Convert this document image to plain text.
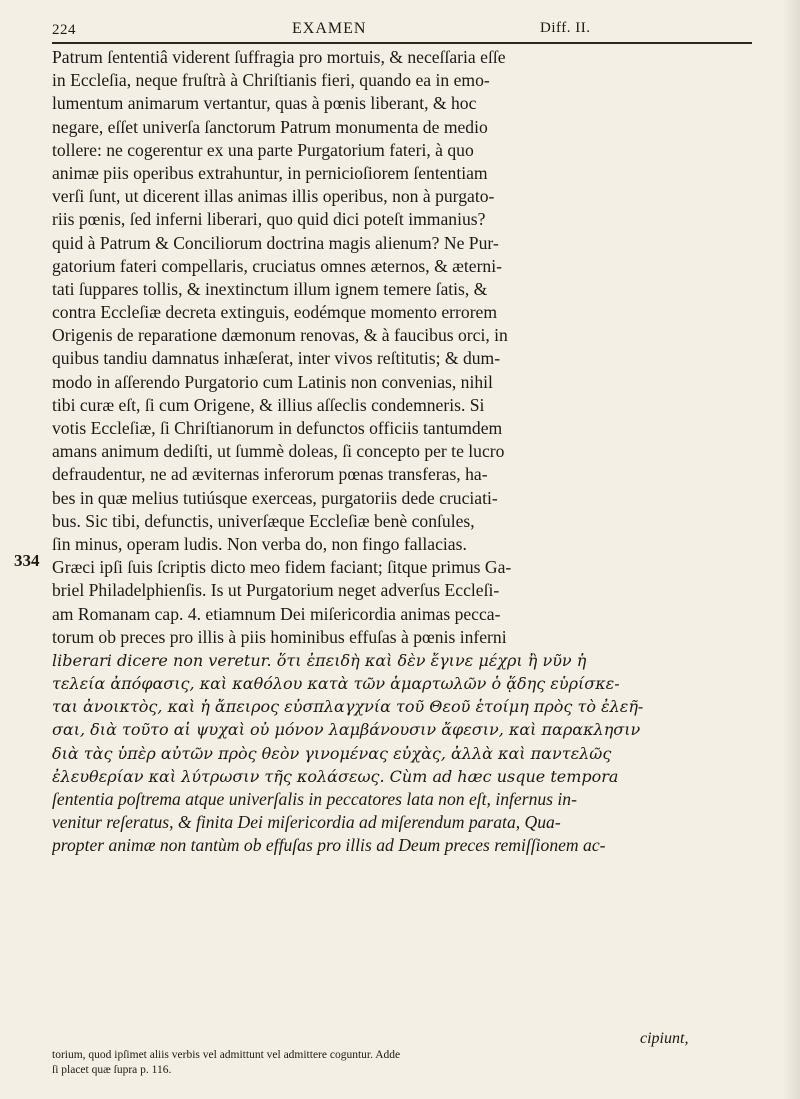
224	EXAMEN	Diff. II.
334
Patrum ſententiâ viderent ſuffragia pro mortuis, & neceſſaria eſſe
in Eccleſia, neque fruſtrà à Chriſtianis fieri, quando ea in emo-
lumentum animarum vertantur, quas à pœnis liberant, & hoc
negare, eſſet univerſa ſanctorum Patrum monumenta de medio
tollere: ne cogerentur ex una parte Purgatorium fateri, à quo
animæ piis operibus extrahuntur, in pernicioſiorem ſententiam
verſi ſunt, ut dicerent illas animas illis operibus, non à purgato-
riis pœnis, ſed inferni liberari, quo quid dici poteſt immanius?
quid à Patrum & Conciliorum doctrina magis alienum? Ne Pur-
gatorium fateri compellaris, cruciatus omnes æternos, & æterni-
tati ſuppares tollis, & inextinctum illum ignem temere ſatis, &
contra Eccleſiæ decreta extinguis, eodémque momento errorem
Origenis de reparatione dæmonum renovas, & à faucibus orci, in
quibus tandiu damnatus inhæſerat, inter vivos reſtitutis; & dum-
modo in aſſerendo Purgatorio cum Latinis non convenias, nihil
tibi curæ eſt, ſi cum Origene, & illius aſſeclis condemneris. Si
votis Eccleſiæ, ſi Chriſtianorum in defunctos officiis tantumdem
amans animum dediſti, ut ſummè doleas, ſi concepto per te lucro
defraudentur, ne ad æviternas inferorum pœnas transferas, ha-
bes in quæ melius tutiúsque exerceas, purgatoriis dede cruciati-
bus. Sic tibi, defunctis, univerſæque Eccleſiæ benè conſules,
ſin minus, operam ludis. Non verba do, non fingo fallacias.
Græci ipſi ſuis ſcriptis dicto meo fidem faciant; ſitque primus Ga-
briel Philadelphienſis. Is ut Purgatorium neget adverſus Eccleſi-
am Romanam cap. 4. etiamnum Dei miſericordia animas pecca-
torum ob preces pro illis à piis hominibus effuſas à pœnis inferni
liberari dicere non veretur. ὅτι ἐπειδὴ καὶ δὲν ἔγινε μέχρι ἢ νῦν ἡ
τελεία ἀπόφασις, καὶ καθόλου κατὰ τῶν ἁμαρτωλῶν ὁ ᾅδης εὑρίσκε-
ται ἀνοικτὸς, καὶ ἡ ἄπειρος εὐσπλαγχνία τοῦ Θεοῦ ἑτοίμη πρὸς τὸ ἐλεῆ-
σαι, διὰ τοῦτο αἱ ψυχαὶ οὐ μόνον λαμβάνουσιν ἄφεσιν, καὶ παρακλησιν
διὰ τὰς ὑπὲρ αὐτῶν πρὸς θεὸν γινομένας εὐχὰς, ἀλλὰ καὶ παντελῶς
ἐλευθερίαν καὶ λύτρωσιν τῆς κολάσεως. Cùm ad hæc usque tempora
ſententia poſtrema atque univerſalis in peccatores lata non eſt, infernus in-
venitur reſeratus, & finita Dei miſericordia ad miſerendum parata, Qua-
propter animæ non tantùm ob effuſas pro illis ad Deum preces remiſſionem ac-
cipiunt,
torium, quod ipſimet aliis verbis vel admittunt vel admittere coguntur. Adde
ſi placet quæ ſupra p. 116.
